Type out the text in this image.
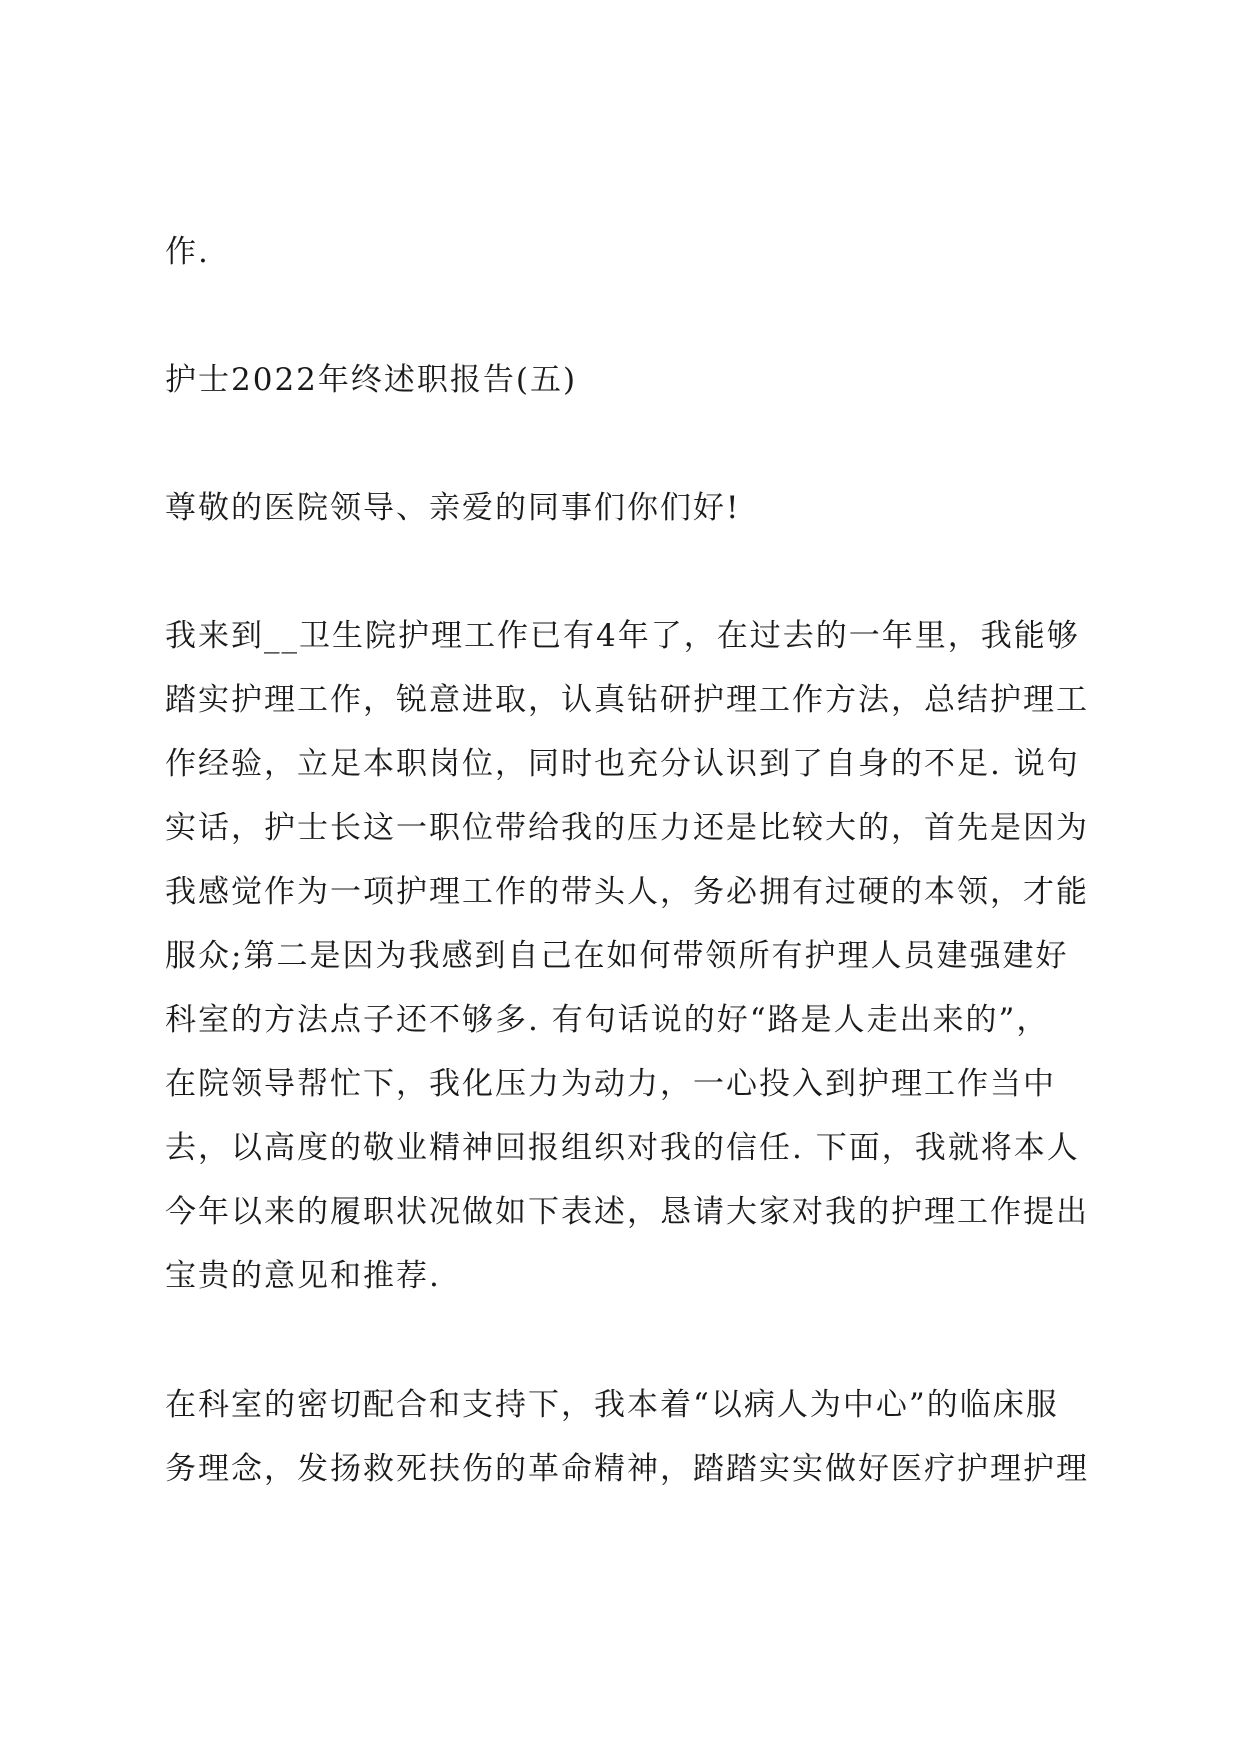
作.
护士2022年终述职报告(五)
尊敬的医院领导、亲爱的同事们你们好!
我来到__卫生院护理工作已有4年了，在过去的一年里，我能够
踏实护理工作，锐意进取，认真钻研护理工作方法，总结护理工
作经验，立足本职岗位，同时也充分认识到了自身的不足. 说句
实话，护士长这一职位带给我的压力还是比较大的，首先是因为
我感觉作为一项护理工作的带头人，务必拥有过硬的本领，才能
服众;第二是因为我感到自己在如何带领所有护理人员建强建好
科室的方法点子还不够多. 有句话说的好“路是人走出来的”，
在院领导帮忙下，我化压力为动力，一心投入到护理工作当中
去，以高度的敬业精神回报组织对我的信任. 下面，我就将本人
今年以来的履职状况做如下表述，恳请大家对我的护理工作提出
宝贵的意见和推荐.
在科室的密切配合和支持下，我本着“以病人为中心”的临床服
务理念，发扬救死扶伤的革命精神，踏踏实实做好医疗护理护理
